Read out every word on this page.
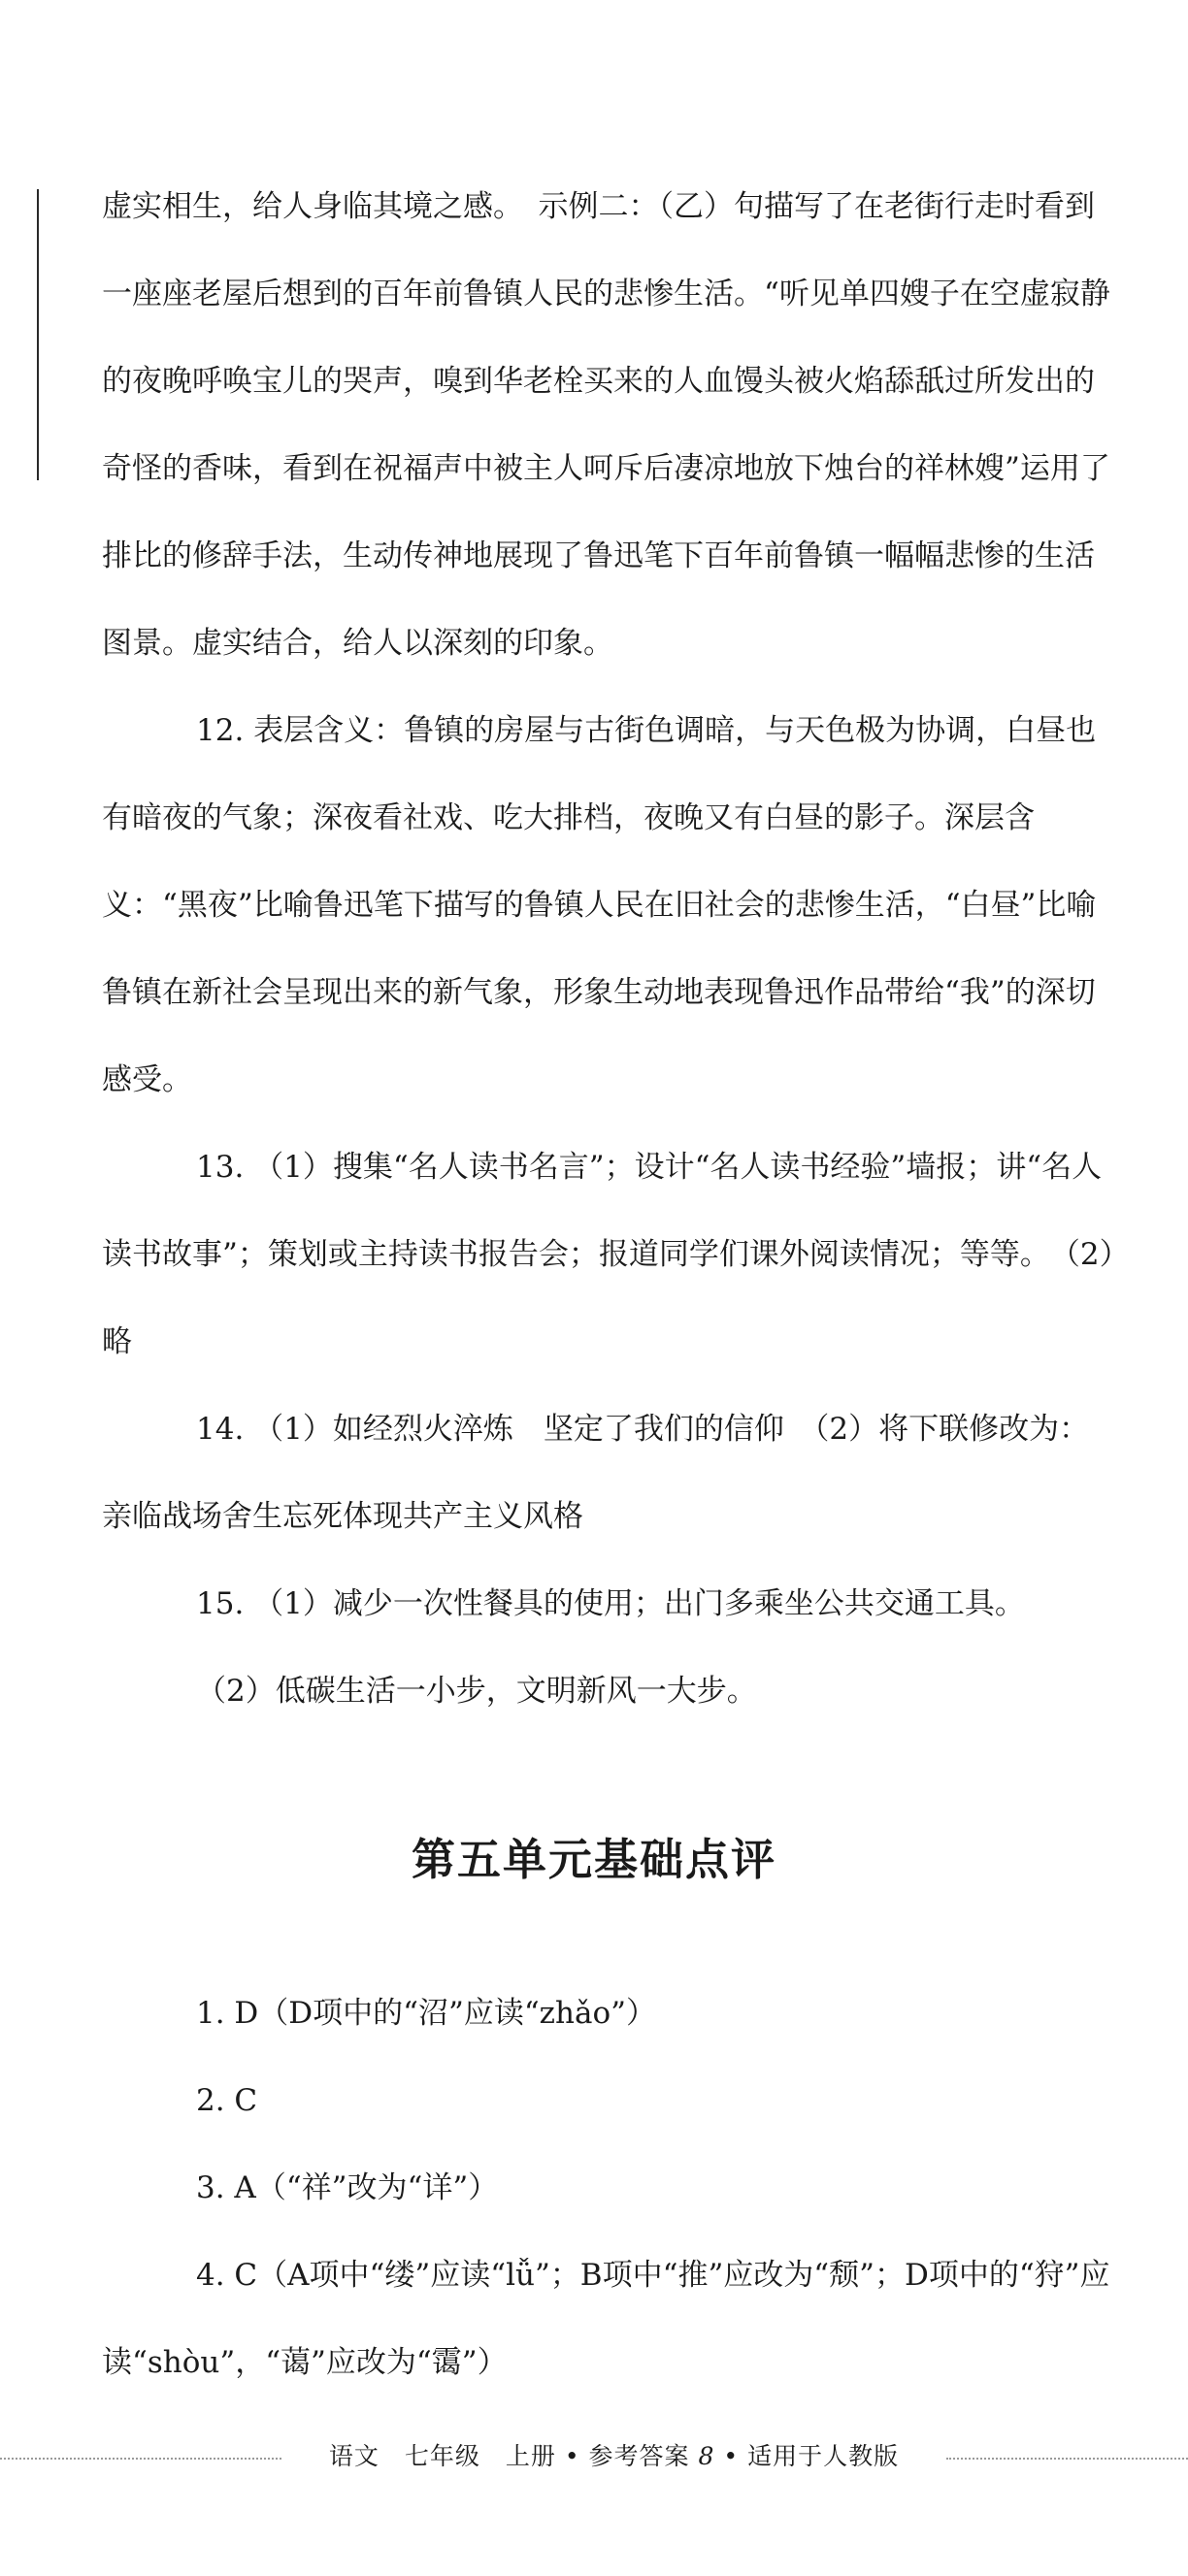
虚实相生，给人身临其境之感。　示例二：（乙）句描写了在老街行走时看到一座座老屋后想到的百年前鲁镇人民的悲惨生活。“听见单四嫂子在空虚寂静的夜晚呼唤宝儿的哭声，嗅到华老栓买来的人血馒头被火焰舔舐过所发出的奇怪的香味，看到在祝福声中被主人呵斥后凄凉地放下烛台的祥林嫂”运用了排比的修辞手法，生动传神地展现了鲁迅笔下百年前鲁镇一幅幅悲惨的生活图景。虚实结合，给人以深刻的印象。

12. 表层含义：鲁镇的房屋与古街色调暗，与天色极为协调，白昼也有暗夜的气象；深夜看社戏、吃大排档，夜晚又有白昼的影子。深层含义：“黑夜”比喻鲁迅笔下描写的鲁镇人民在旧社会的悲惨生活，“白昼”比喻鲁镇在新社会呈现出来的新气象，形象生动地表现鲁迅作品带给“我”的深切感受。

13. （1）搜集“名人读书名言”；设计“名人读书经验”墙报；讲“名人读书故事”；策划或主持读书报告会；报道同学们课外阅读情况；等等。　（2）略

14. （1）如经烈火淬炼　坚定了我们的信仰　（2）将下联修改为：亲临战场舍生忘死体现共产主义风格

15. （1）减少一次性餐具的使用；出门多乘坐公共交通工具。

（2）低碳生活一小步，文明新风一大步。

第五单元基础点评

1. D（D项中的“沼”应读“zhǎo”）

2. C

3. A（“祥”改为“详”）

4. C（A项中“缕”应读“lǚ”；B项中“推”应改为“颓”；D项中的“狩”应读“shòu”，“蔼”应改为“霭”）

语文　七年级　上册 • 参考答案 8 • 适用于人教版
